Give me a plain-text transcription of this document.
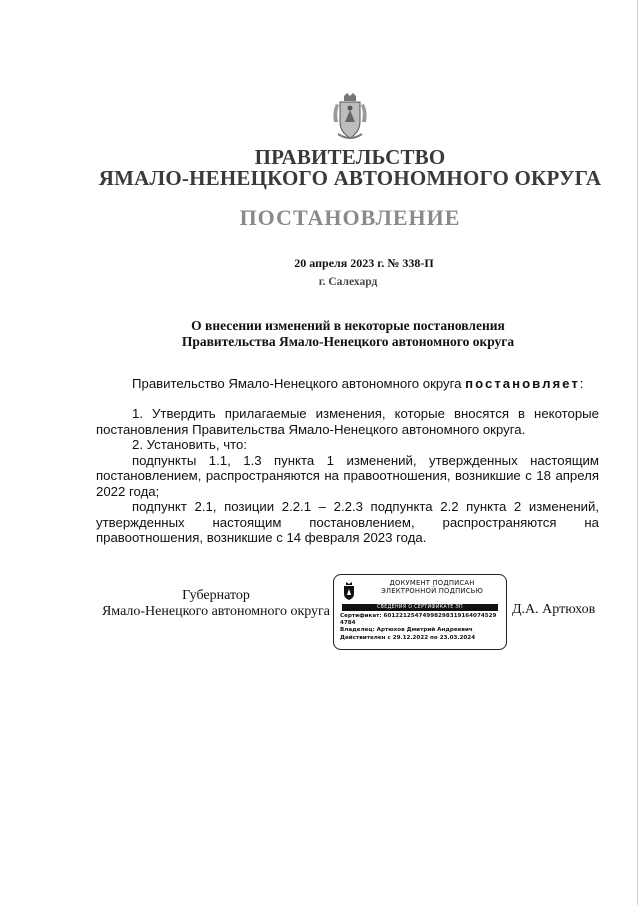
ПРАВИТЕЛЬСТВО
ЯМАЛО-НЕНЕЦКОГО АВТОНОМНОГО ОКРУГА
ПОСТАНОВЛЕНИЕ
20 апреля 2023 г. № 338-П
г. Салехард
О внесении изменений в некоторые постановления
Правительства Ямало-Ненецкого автономного округа
Правительство Ямало-Ненецкого автономного округа постановляет:

1. Утвердить прилагаемые изменения, которые вносятся в некоторые постановления Правительства Ямало-Ненецкого автономного округа.

2. Установить, что:

подпункты 1.1, 1.3 пункта 1 изменений, утвержденных настоящим постановлением, распространяются на правоотношения, возникшие с 18 апреля 2022 года;

подпункт 2.1, позиции 2.2.1 – 2.2.3 подпункта 2.2 пункта 2 изменений, утвержденных настоящим постановлением, распространяются на правоотношения, возникшие с 14 февраля 2023 года.

Губернатор
Ямало-Ненецкого автономного округа
ДОКУМЕНТ ПОДПИСАН
ЭЛЕКТРОННОЙ ПОДПИСЬЮ
СВЕДЕНИЯ О СЕРТИФИКАТЕ ЭП
Сертификат: 60122125474998298319164074529
4784
Владелец: Артюхов Дмитрий Андреевич
Действителен с 29.12.2022 по 23.03.2024
Д.А. Артюхов
